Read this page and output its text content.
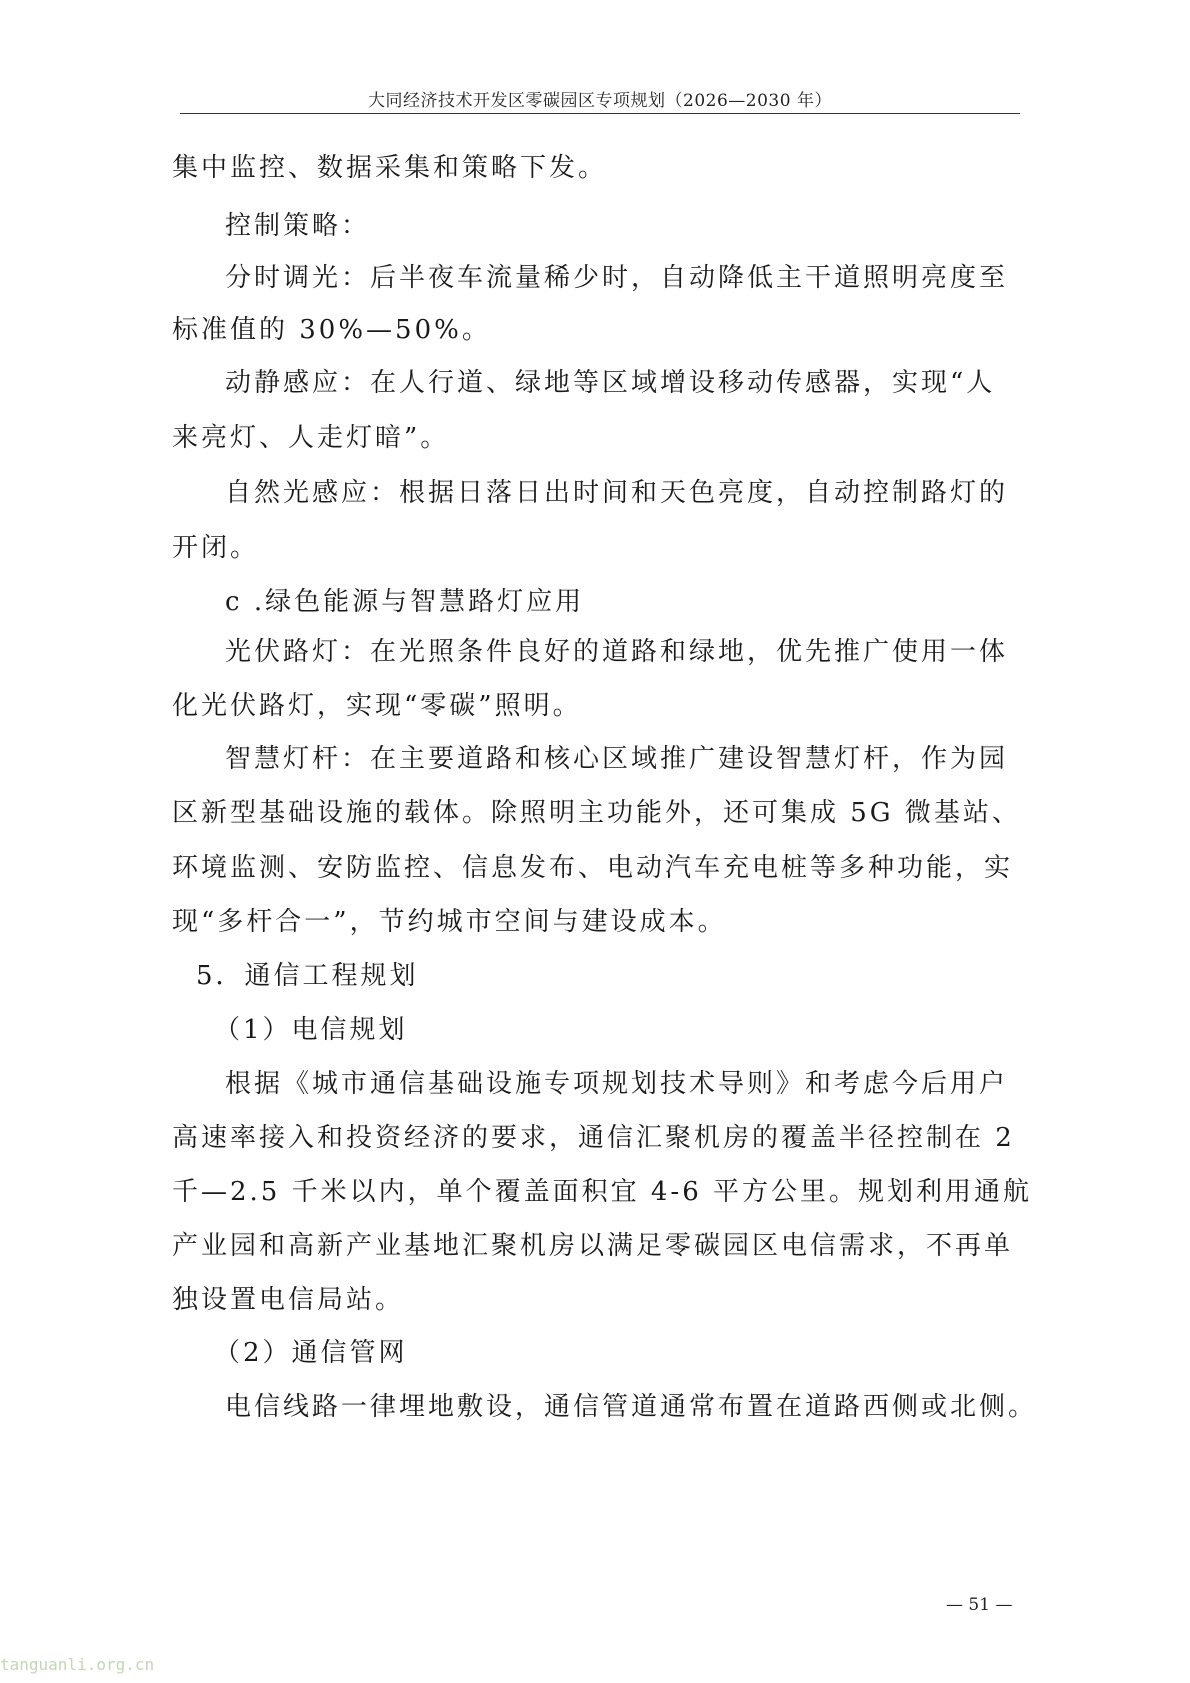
大同经济技术开发区零碳园区专项规划（2026—2030 年）
集中监控、数据采集和策略下发。
控制策略：
分时调光：后半夜车流量稀少时，自动降低主干道照明亮度至
标准值的 30%—50%。
动静感应：在人行道、绿地等区域增设移动传感器，实现“人
来亮灯、人走灯暗”。
自然光感应：根据日落日出时间和天色亮度，自动控制路灯的
开闭。
c .绿色能源与智慧路灯应用
光伏路灯：在光照条件良好的道路和绿地，优先推广使用一体
化光伏路灯，实现“零碳”照明。
智慧灯杆：在主要道路和核心区域推广建设智慧灯杆，作为园
区新型基础设施的载体。除照明主功能外，还可集成 5G 微基站、
环境监测、安防监控、信息发布、电动汽车充电桩等多种功能，实
现“多杆合一”，节约城市空间与建设成本。
5．通信工程规划
（1）电信规划
根据《城市通信基础设施专项规划技术导则》和考虑今后用户
高速率接入和投资经济的要求，通信汇聚机房的覆盖半径控制在 2
千—2.5 千米以内，单个覆盖面积宜 4-6 平方公里。规划利用通航
产业园和高新产业基地汇聚机房以满足零碳园区电信需求，不再单
独设置电信局站。
（2）通信管网
电信线路一律埋地敷设，通信管道通常布置在道路西侧或北侧。
— 51 —
tanguanli.org.cn
